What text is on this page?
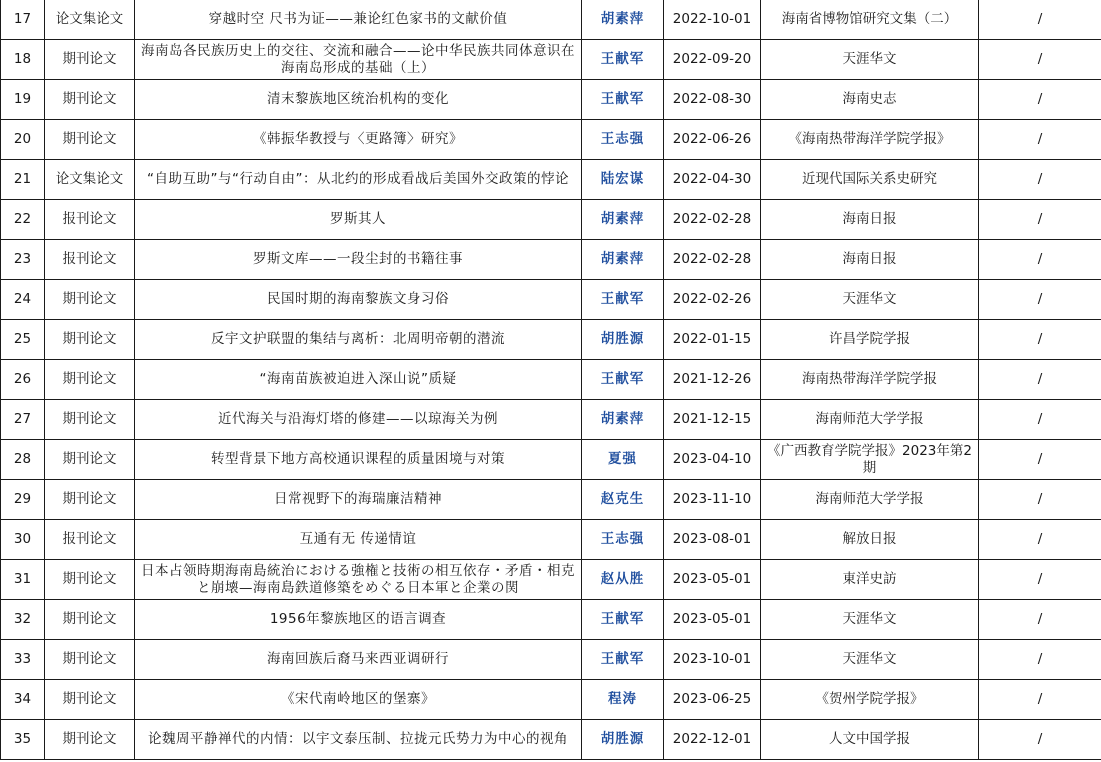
17	论文集论文	穿越时空 尺书为证——兼论红色家书的文献价值	胡素萍	2022-10-01	海南省博物馆研究文集（二）	/
18	期刊论文	海南岛各民族历史上的交往、交流和融合——论中华民族共同体意识在海南岛形成的基础（上）	王献军	2022-09-20	天涯华文	/
19	期刊论文	清末黎族地区统治机构的变化	王献军	2022-08-30	海南史志	/
20	期刊论文	《韩振华教授与〈更路簿〉研究》	王志强	2022-06-26	《海南热带海洋学院学报》	/
21	论文集论文	“自助互助”与“行动自由”：从北约的形成看战后美国外交政策的悖论	陆宏谋	2022-04-30	近现代国际关系史研究	/
22	报刊论文	罗斯其人	胡素萍	2022-02-28	海南日报	/
23	报刊论文	罗斯文库——一段尘封的书籍往事	胡素萍	2022-02-28	海南日报	/
24	期刊论文	民国时期的海南黎族文身习俗	王献军	2022-02-26	天涯华文	/
25	期刊论文	反宇文护联盟的集结与离析：北周明帝朝的潜流	胡胜源	2022-01-15	许昌学院学报	/
26	期刊论文	“海南苗族被迫进入深山说”质疑	王献军	2021-12-26	海南热带海洋学院学报	/
27	期刊论文	近代海关与沿海灯塔的修建——以琼海关为例	胡素萍	2021-12-15	海南师范大学学报	/
28	期刊论文	转型背景下地方高校通识课程的质量困境与对策	夏强	2023-04-10	《广西教育学院学报》2023年第2期	/
29	期刊论文	日常视野下的海瑞廉洁精神	赵克生	2023-11-10	海南师范大学学报	/
30	报刊论文	互通有无 传递情谊	王志强	2023-08-01	解放日报	/
31	期刊论文	日本占领時期海南島統治における強権と技術の相互依存・矛盾・相克と崩壊—海南島鉄道修築をめぐる日本軍と企業の関	赵从胜	2023-05-01	東洋史訪	/
32	期刊论文	1956年黎族地区的语言调查	王献军	2023-05-01	天涯华文	/
33	期刊论文	海南回族后裔马来西亚调研行	王献军	2023-10-01	天涯华文	/
34	期刊论文	《宋代南岭地区的堡寨》	程涛	2023-06-25	《贺州学院学报》	/
35	期刊论文	论魏周平静禅代的内情：以宇文泰压制、拉拢元氏势力为中心的视角	胡胜源	2022-12-01	人文中国学报	/
